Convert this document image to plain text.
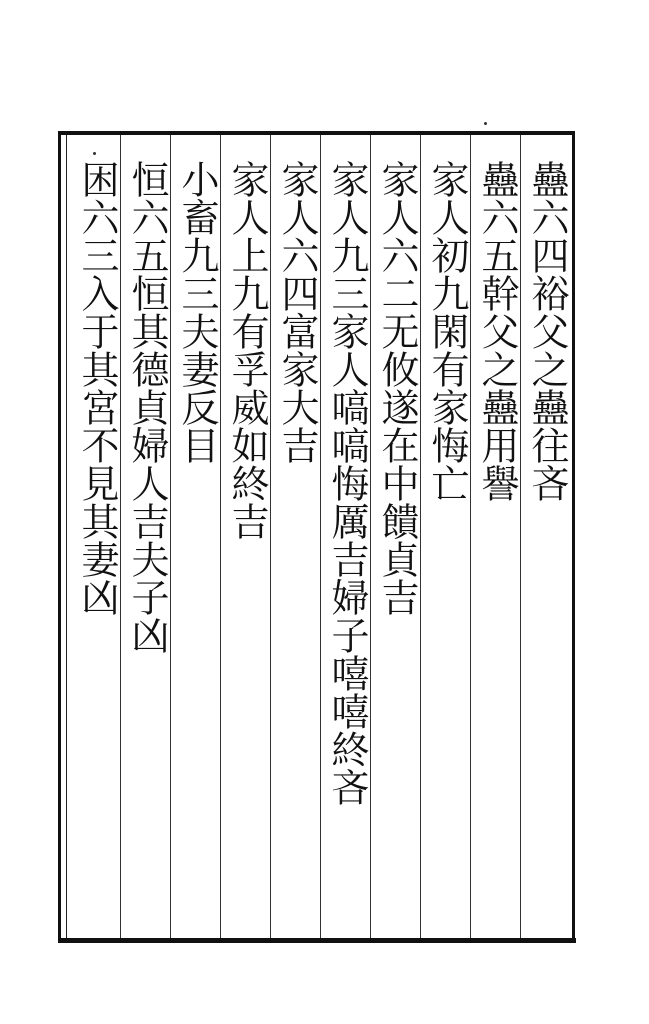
蠱六四裕父之蠱往吝
蠱六五幹父之蠱用譽
家人初九閑有家悔亡
家人六二无攸遂在中饋貞吉
家人九三家人嗃嗃悔厲吉婦子嘻嘻終吝
家人六四富家大吉
家人上九有孚威如終吉
小畜九三夫妻反目
恒六五恒其德貞婦人吉夫子凶
困六三入于其宮不見其妻凶
